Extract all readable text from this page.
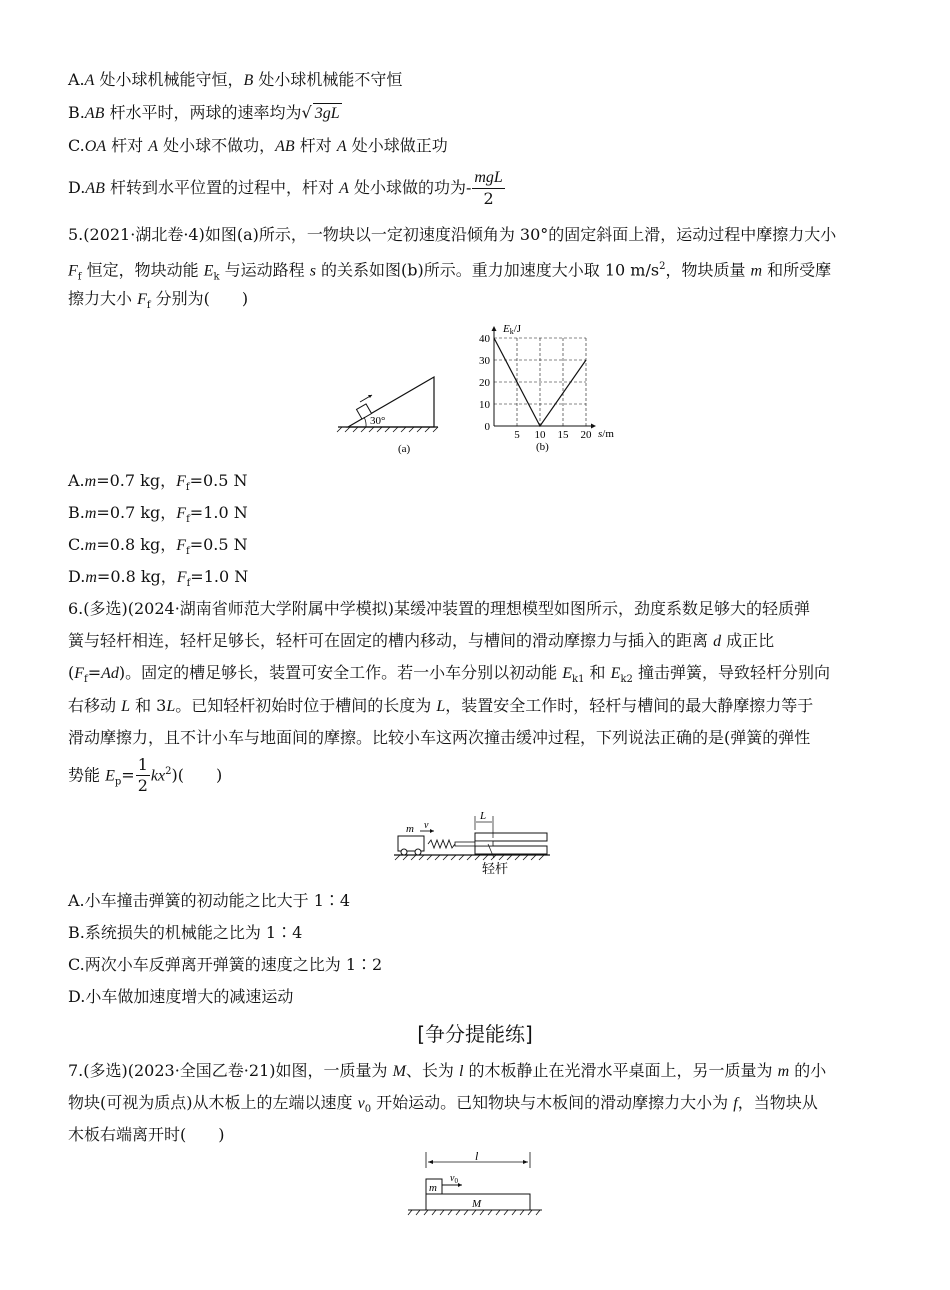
A.A 处小球机械能守恒，B 处小球机械能不守恒
B.AB 杆水平时，两球的速率均为√ 3gL
C.OA 杆对 A 处小球不做功，AB 杆对 A 处小球做正功
D.AB 杆转到水平位置的过程中，杆对 A 处小球做的功为- $\frac{\text{mgL}}{2}$
5.(2021·湖北卷·4)如图(a)所示，一物块以一定初速度沿倾角为 30°的固定斜面上滑，运动过程中摩擦力大小
$F_f$ 恒定，物块动能 $E_k$ 与运动路程 s 的关系如图(b)所示。重力加速度大小取 10 $m/s^2$，物块质量 m 和所受摩
擦力大小 $F_f$ 分别为(　　)
30°
(a)
0
10
20
30
40
5 10 15 20
Ek/J
s/m
(b)
A.m=0.7 kg，$F_f=0.5$ N
B.m=0.7 kg，$F_f=1.0$ N
C.m=0.8 kg，$F_f=0.5$ N
D.m=0.8 kg，$F_f=1.0$ N
6.(多选)(2024·湖南省师范大学附属中学模拟)某缓冲装置的理想模型如图所示，劲度系数足够大的轻质弹
簧与轻杆相连，轻杆足够长，轻杆可在固定的槽内移动，与槽间的滑动摩擦力与插入的距离 d 成正比
$(F_f=Ad)$。固定的槽足够长，装置可安全工作。若一小车分别以初动能 $E_{k1}$ 和 $E_{k2}$ 撞击弹簧，导致轻杆分别向
右移动 L 和 3L。已知轻杆初始时位于槽间的长度为 L，装置安全工作时，轻杆与槽间的最大静摩擦力等于
滑动摩擦力，且不计小车与地面间的摩擦。比较小车这两次撞击缓冲过程，下列说法正确的是(弹簧的弹性
势能 $E_p= \frac{1}{2} kx^2$)(　　)
m v
L
轻杆
A.小车撞击弹簧的初动能之比大于 1∶4
B.系统损失的机械能之比为 1∶4
C.两次小车反弹离开弹簧的速度之比为 1∶2
D.小车做加速度增大的减速运动
[争分提能练]
7.(多选)(2023·全国乙卷·21)如图，一质量为 M、长为 l 的木板静止在光滑水平桌面上，另一质量为 m 的小
物块(可视为质点)从木板上的左端以速度 $v_0$ 开始运动。已知物块与木板间的滑动摩擦力大小为 f，当物块从
木板右端离开时(　　)
l
m
$v_0$
M
